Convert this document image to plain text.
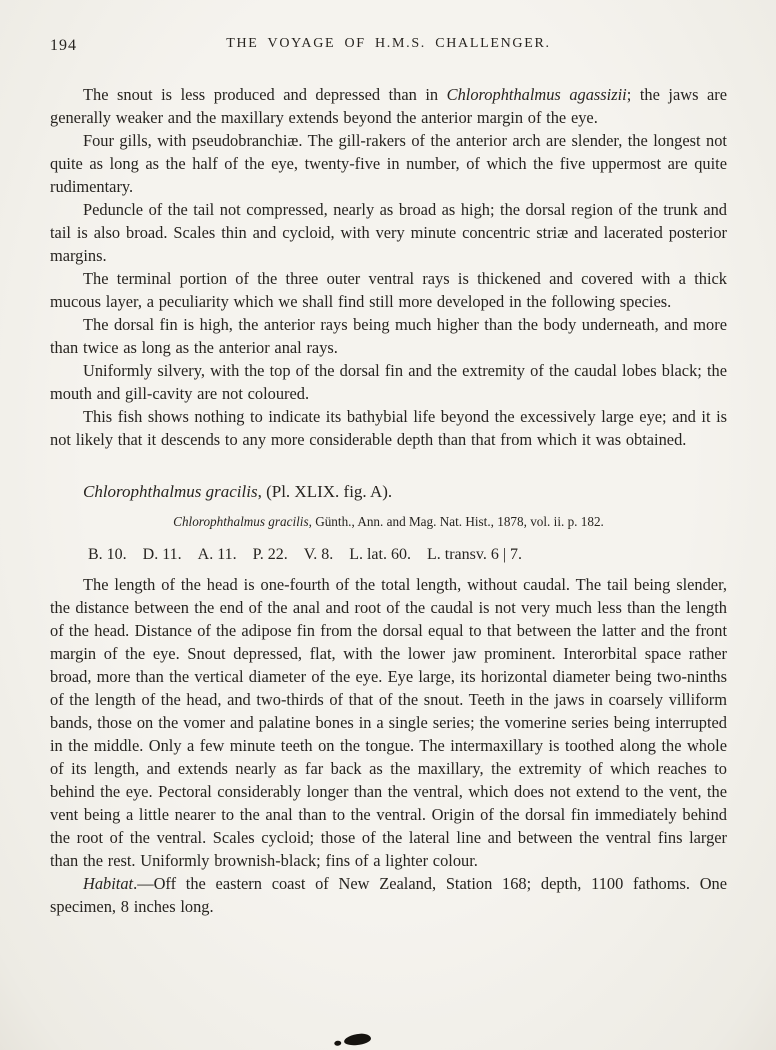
194	THE VOYAGE OF H.M.S. CHALLENGER.

The snout is less produced and depressed than in Chlorophthalmus agassizii; the jaws are generally weaker and the maxillary extends beyond the anterior margin of the eye.

Four gills, with pseudobranchiæ. The gill-rakers of the anterior arch are slender, the longest not quite as long as the half of the eye, twenty-five in number, of which the five uppermost are quite rudimentary.

Peduncle of the tail not compressed, nearly as broad as high; the dorsal region of the trunk and tail is also broad. Scales thin and cycloid, with very minute concentric striæ and lacerated posterior margins.

The terminal portion of the three outer ventral rays is thickened and covered with a thick mucous layer, a peculiarity which we shall find still more developed in the following species.

The dorsal fin is high, the anterior rays being much higher than the body underneath, and more than twice as long as the anterior anal rays.

Uniformly silvery, with the top of the dorsal fin and the extremity of the caudal lobes black; the mouth and gill-cavity are not coloured.

This fish shows nothing to indicate its bathybial life beyond the excessively large eye; and it is not likely that it descends to any more considerable depth than that from which it was obtained.

Chlorophthalmus gracilis, (Pl. XLIX. fig. A).

Chlorophthalmus gracilis, Günth., Ann. and Mag. Nat. Hist., 1878, vol. ii. p. 182.

B. 10. D. 11. A. 11. P. 22. V. 8. L. lat. 60. L. transv. 6 | 7.

The length of the head is one-fourth of the total length, without caudal. The tail being slender, the distance between the end of the anal and root of the caudal is not very much less than the length of the head. Distance of the adipose fin from the dorsal equal to that between the latter and the front margin of the eye. Snout depressed, flat, with the lower jaw prominent. Interorbital space rather broad, more than the vertical diameter of the eye. Eye large, its horizontal diameter being two-ninths of the length of the head, and two-thirds of that of the snout. Teeth in the jaws in coarsely villiform bands, those on the vomer and palatine bones in a single series; the vomerine series being interrupted in the middle. Only a few minute teeth on the tongue. The intermaxillary is toothed along the whole of its length, and extends nearly as far back as the maxillary, the extremity of which reaches to behind the eye. Pectoral considerably longer than the ventral, which does not extend to the vent, the vent being a little nearer to the anal than to the ventral. Origin of the dorsal fin immediately behind the root of the ventral. Scales cycloid; those of the lateral line and between the ventral fins larger than the rest. Uniformly brownish-black; fins of a lighter colour.

Habitat.—Off the eastern coast of New Zealand, Station 168; depth, 1100 fathoms. One specimen, 8 inches long.
